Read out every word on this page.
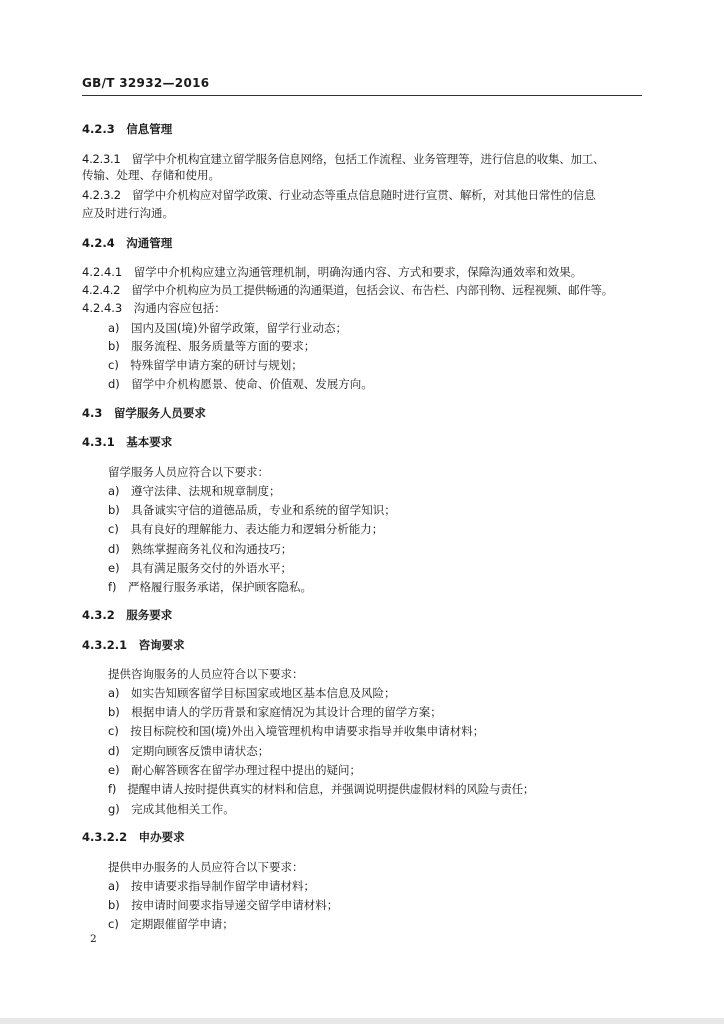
GB/T 32932—2016
4.2.3　信息管理
4.2.3.1　留学中介机构宜建立留学服务信息网络，包括工作流程、业务管理等，进行信息的收集、加工、
传输、处理、存储和使用。
4.2.3.2　留学中介机构应对留学政策、行业动态等重点信息随时进行宣贯、解析，对其他日常性的信息
应及时进行沟通。
4.2.4　沟通管理
4.2.4.1　留学中介机构应建立沟通管理机制，明确沟通内容、方式和要求，保障沟通效率和效果。
4.2.4.2　留学中介机构应为员工提供畅通的沟通渠道，包括会议、布告栏、内部刊物、远程视频、邮件等。
4.2.4.3　沟通内容应包括：
a)　国内及国(境)外留学政策，留学行业动态；
b)　服务流程、服务质量等方面的要求；
c)　特殊留学申请方案的研讨与规划；
d)　留学中介机构愿景、使命、价值观、发展方向。
4.3　留学服务人员要求
4.3.1　基本要求
留学服务人员应符合以下要求：
a)　遵守法律、法规和规章制度；
b)　具备诚实守信的道德品质，专业和系统的留学知识；
c)　具有良好的理解能力、表达能力和逻辑分析能力；
d)　熟练掌握商务礼仪和沟通技巧；
e)　具有满足服务交付的外语水平；
f)　严格履行服务承诺，保护顾客隐私。
4.3.2　服务要求
4.3.2.1　咨询要求
提供咨询服务的人员应符合以下要求：
a)　如实告知顾客留学目标国家或地区基本信息及风险；
b)　根据申请人的学历背景和家庭情况为其设计合理的留学方案；
c)　按目标院校和国(境)外出入境管理机构申请要求指导并收集申请材料；
d)　定期向顾客反馈申请状态；
e)　耐心解答顾客在留学办理过程中提出的疑问；
f)　提醒申请人按时提供真实的材料和信息，并强调说明提供虚假材料的风险与责任；
g)　完成其他相关工作。
4.3.2.2　申办要求
提供申办服务的人员应符合以下要求：
a)　按申请要求指导制作留学申请材料；
b)　按申请时间要求指导递交留学申请材料；
c)　定期跟催留学申请；
2
